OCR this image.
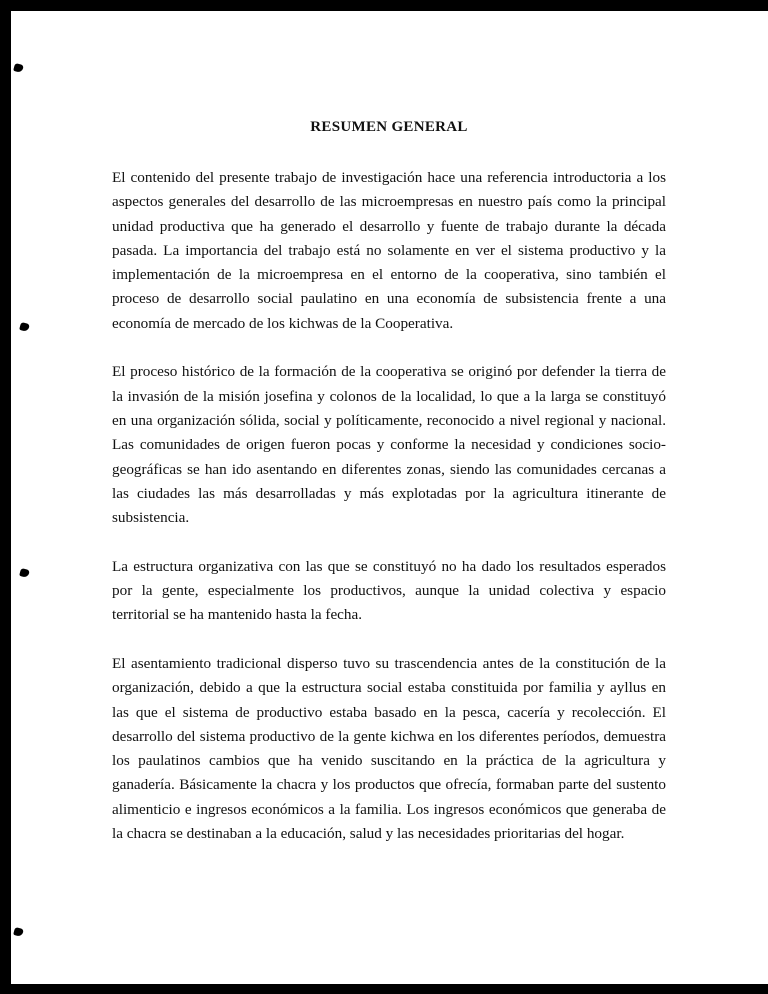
RESUMEN GENERAL

El contenido del presente trabajo de investigación hace una referencia introductoria a los aspectos generales del desarrollo de las microempresas en nuestro país como la principal unidad productiva que ha generado el desarrollo y fuente de trabajo durante la década pasada. La importancia del trabajo está no solamente en ver el sistema productivo y la implementación de la microempresa en el entorno de la cooperativa, sino también el proceso de desarrollo social paulatino en una economía de subsistencia frente a una economía de mercado de los kichwas de la Cooperativa.

El proceso histórico de la formación de la cooperativa se originó por defender la tierra de la invasión de la misión josefina y colonos de la localidad, lo que a la larga se constituyó en una organización sólida, social y políticamente, reconocido a nivel regional y nacional. Las comunidades de origen fueron pocas y conforme la necesidad y condiciones socio-geográficas se han ido asentando en diferentes zonas, siendo las comunidades cercanas a las ciudades las más desarrolladas y más explotadas por la agricultura itinerante de subsistencia.

La estructura organizativa con las que se constituyó no ha dado los resultados esperados por la gente, especialmente los productivos, aunque la unidad colectiva y espacio territorial se ha mantenido hasta la fecha.

El asentamiento tradicional disperso tuvo su trascendencia antes de la constitución de la organización, debido a que la estructura social estaba constituida por familia y ayllus en las que el sistema de productivo estaba basado en la pesca, cacería y recolección. El desarrollo del sistema productivo de la gente kichwa en los diferentes períodos, demuestra los paulatinos cambios que ha venido suscitando en la práctica de la agricultura y ganadería. Básicamente la chacra y los productos que ofrecía, formaban parte del sustento alimenticio e ingresos económicos a la familia. Los ingresos económicos que generaba de la chacra se destinaban a la educación, salud y las necesidades prioritarias del hogar.
